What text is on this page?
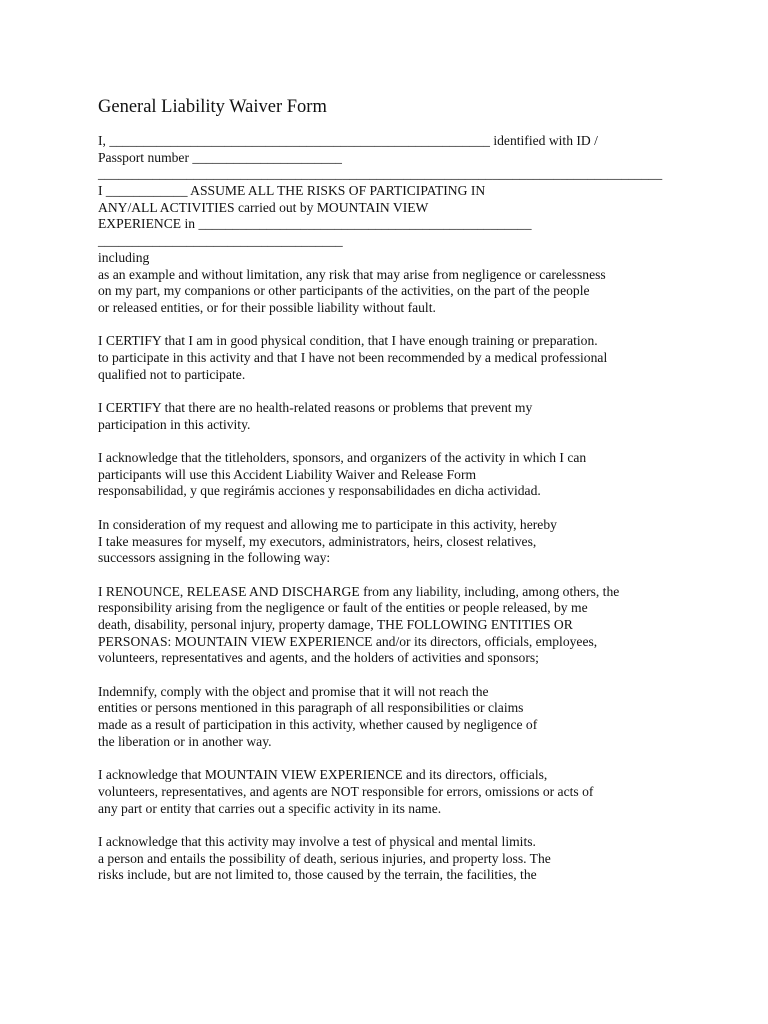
General Liability Waiver Form
I, ________________________________________________________ identified with ID /
Passport number ______________________
___________________________________________________________________________________
I ____________ ASSUME ALL THE RISKS OF PARTICIPATING IN
ANY/ALL ACTIVITIES carried out by MOUNTAIN VIEW
EXPERIENCE in _________________________________________________
____________________________________
including
as an example and without limitation, any risk that may arise from negligence or carelessness
on my part, my companions or other participants of the activities, on the part of the people
or released entities, or for their possible liability without fault.
I CERTIFY that I am in good physical condition, that I have enough training or preparation.
to participate in this activity and that I have not been recommended by a medical professional
qualified not to participate.
I CERTIFY that there are no health-related reasons or problems that prevent my
participation in this activity.
I acknowledge that the titleholders, sponsors, and organizers of the activity in which I can
participants will use this Accident Liability Waiver and Release Form
responsabilidad, y que regirámis acciones y responsabilidades en dicha actividad.
In consideration of my request and allowing me to participate in this activity, hereby
I take measures for myself, my executors, administrators, heirs, closest relatives,
successors assigning in the following way:
I RENOUNCE, RELEASE AND DISCHARGE from any liability, including, among others, the
responsibility arising from the negligence or fault of the entities or people released, by me
death, disability, personal injury, property damage, THE FOLLOWING ENTITIES OR
PERSONAS: MOUNTAIN VIEW EXPERIENCE and/or its directors, officials, employees,
volunteers, representatives and agents, and the holders of activities and sponsors;
Indemnify, comply with the object and promise that it will not reach the
entities or persons mentioned in this paragraph of all responsibilities or claims
made as a result of participation in this activity, whether caused by negligence of
the liberation or in another way.
I acknowledge that MOUNTAIN VIEW EXPERIENCE and its directors, officials,
volunteers, representatives, and agents are NOT responsible for errors, omissions or acts of
any part or entity that carries out a specific activity in its name.
I acknowledge that this activity may involve a test of physical and mental limits.
a person and entails the possibility of death, serious injuries, and property loss. The
risks include, but are not limited to, those caused by the terrain, the facilities, the
